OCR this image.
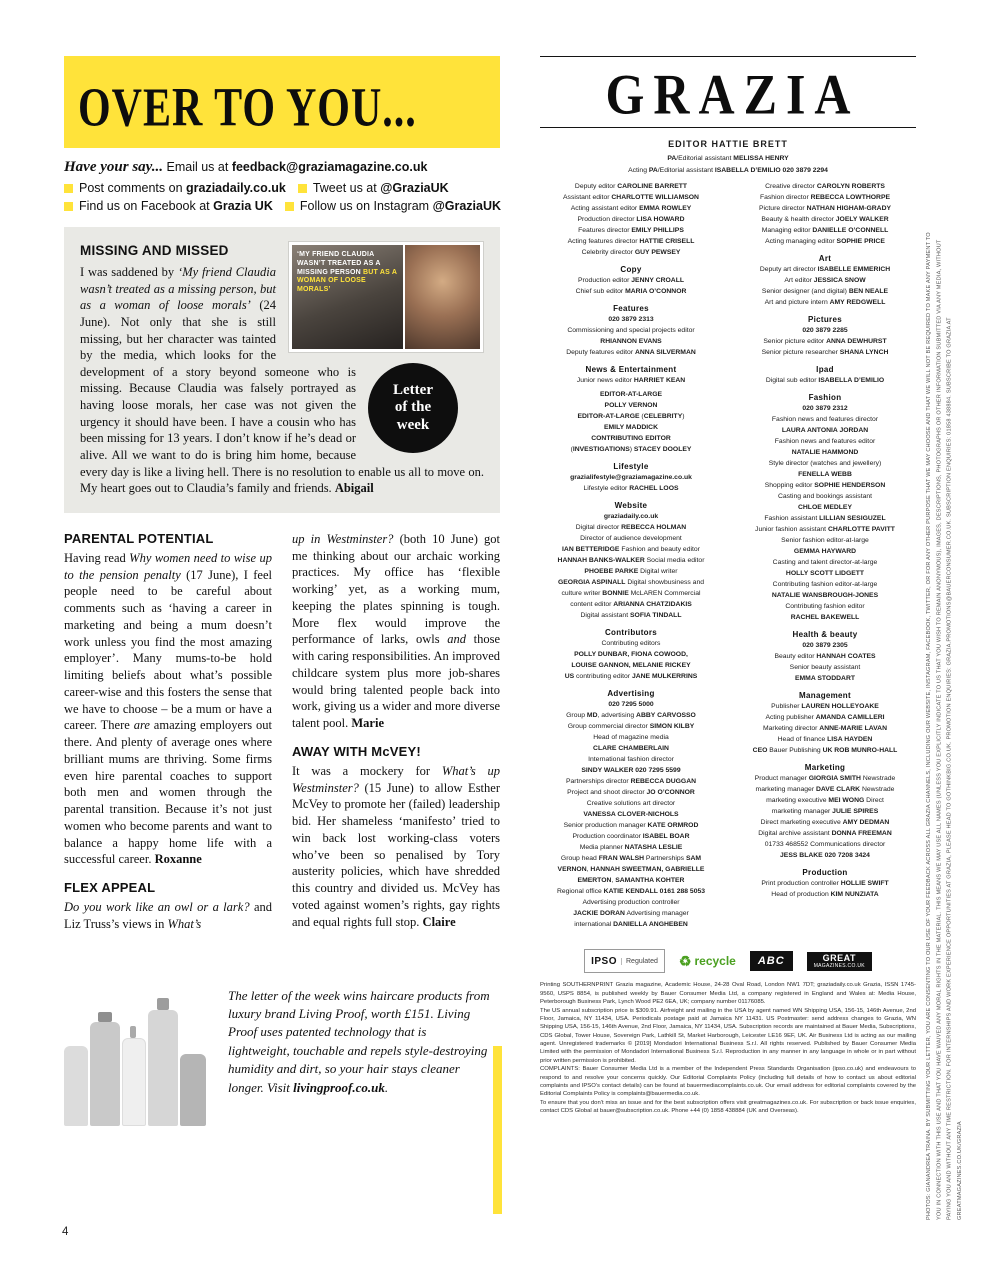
OVER TO YOU...
Have your say... Email us at feedback@graziamagazine.co.uk
Post comments on graziadaily.co.uk Tweet us at @GraziaUK
Find us on Facebook at Grazia UK Follow us on Instagram @GraziaUK
‘MY FRIEND CLAUDIA WASN’T TREATED AS A MISSING PERSON BUT AS A WOMAN OF LOOSE MORALS’
Letter
of the
week
MISSING AND MISSED
I was saddened by ‘My friend Claudia wasn’t treated as a missing person, but as a woman of loose morals’ (24 June). Not only that she is still missing, but her character was tainted by the media, which looks for the development of a story beyond someone who is missing. Because Claudia was falsely portrayed as having loose morals, her case was not given the urgency it should have been. I have a cousin who has been missing for 13 years. I don’t know if he’s dead or alive. All we want to do is bring him home, because every day is like a living hell. There is no resolution to enable us all to move on. My heart goes out to Claudia’s family and friends. Abigail
PARENTAL POTENTIAL
Having read Why women need to wise up to the pension penalty (17 June), I feel people need to be careful about comments such as ‘having a career in marketing and being a mum doesn’t work unless you find the most amazing employer’. Many mums-to-be hold limiting beliefs about what’s possible career-wise and this fosters the sense that we have to choose – be a mum or have a career. There are amazing employers out there. And plenty of average ones where brilliant mums are thriving. Some firms even hire parental coaches to support both men and women through the parental transition. Because it’s not just women who become parents and want to balance a happy home life with a successful career. Roxanne
FLEX APPEAL
Do you work like an owl or a lark? and Liz Truss’s views in What’s
up in Westminster? (both 10 June) got me thinking about our archaic working practices. My office has ‘flexible working’ yet, as a working mum, keeping the plates spinning is tough. More flex would improve the performance of larks, owls and those with caring responsibilities. An improved childcare system plus more job-shares would bring talented people back into work, giving us a wider and more diverse talent pool. Marie
AWAY WITH McVEY!
It was a mockery for What’s up Westminster? (15 June) to allow Esther McVey to promote her (failed) leadership bid. Her shameless ‘manifesto’ tried to win back lost working-class voters who’ve been so penalised by Tory austerity policies, which have shredded this country and divided us. McVey has voted against women’s rights, gay rights and equal rights full stop. Claire
The letter of the week wins haircare products from luxury brand Living Proof, worth £151. Living Proof uses patented technology that is lightweight, touchable and repels style-destroying humidity and dirt, so your hair stays cleaner longer. Visit livingproof.co.uk.
GRAZIA
EDITOR HATTIE BRETT
PA/Editorial assistant MELISSA HENRY
Acting PA/Editorial assistant ISABELLA D’EMILIO 020 3879 2294
Deputy editor CAROLINE BARRETT
Assistant editor CHARLOTTE WILLIAMSON
Acting assistant editor EMMA ROWLEY
Production director LISA HOWARD
Features director EMILY PHILLIPS
Acting features director HATTIE CRISELL
Celebrity director GUY PEWSEY
Copy
Production editor JENNY CROALL
Chief sub editor MARIA O’CONNOR
Features
020 3879 2313
Commissioning and special projects editor
RHIANNON EVANS
Deputy features editor ANNA SILVERMAN
News & Entertainment
Junior news editor HARRIET KEAN
EDITOR-AT-LARGE
POLLY VERNON
EDITOR-AT-LARGE (CELEBRITY)
EMILY MADDICK
CONTRIBUTING EDITOR
(INVESTIGATIONS) STACEY DOOLEY
Lifestyle
grazialifestyle@graziamagazine.co.uk
Lifestyle editor RACHEL LOOS
Website
graziadaily.co.uk
Digital director REBECCA HOLMAN
Director of audience development
IAN BETTERIDGE Fashion and beauty editor
HANNAH BANKS-WALKER Social media editor
PHOEBE PARKE Digital writer
GEORGIA ASPINALL Digital showbusiness and
culture writer BONNIE McLAREN Commercial
content editor ARIANNA CHATZIDAKIS
Digital assistant SOFIA TINDALL
Contributors
Contributing editors
POLLY DUNBAR, FIONA COWOOD,
LOUISE GANNON, MELANIE RICKEY
US contributing editor JANE MULKERRINS
Advertising
020 7295 5000
Group MD, advertising ABBY CARVOSSO
Group commercial director SIMON KILBY
Head of magazine media
CLARE CHAMBERLAIN
International fashion director
SINDY WALKER 020 7295 5599
Partnerships director REBECCA DUGGAN
Project and shoot director JO O’CONNOR
Creative solutions art director
VANESSA CLOVER-NICHOLS
Senior production manager KATE ORMROD
Production coordinator ISABEL BOAR
Media planner NATASHA LESLIE
Group head FRAN WALSH Partnerships SAM
VERNON, HANNAH SWEETMAN, GABRIELLE
EMERTON, SAMANTHA KOHTER
Regional office KATIE KENDALL 0161 288 5053
Advertising production controller
JACKIE DORAN Advertising manager
international DANIELLA ANGHEBEN
Creative director CAROLYN ROBERTS
Fashion director REBECCA LOWTHORPE
Picture director NATHAN HIGHAM-GRADY
Beauty & health director JOELY WALKER
Managing editor DANIELLE O’CONNELL
Acting managing editor SOPHIE PRICE
Art
Deputy art director ISABELLE EMMERICH
Art editor JESSICA SNOW
Senior designer (and digital) BEN NEALE
Art and picture intern AMY REDGWELL
Pictures
020 3879 2285
Senior picture editor ANNA DEWHURST
Senior picture researcher SHANA LYNCH
Ipad
Digital sub editor ISABELLA D’EMILIO
Fashion
020 3879 2312
Fashion news and features director
LAURA ANTONIA JORDAN
Fashion news and features editor
NATALIE HAMMOND
Style director (watches and jewellery)
FENELLA WEBB
Shopping editor SOPHIE HENDERSON
Casting and bookings assistant
CHLOE MEDLEY
Fashion assistant LILLIAN SESIGUZEL
Junior fashion assistant CHARLOTTE PAVITT
Senior fashion editor-at-large
GEMMA HAYWARD
Casting and talent director-at-large
HOLLY SCOTT LIDGETT
Contributing fashion editor-at-large
NATALIE WANSBROUGH-JONES
Contributing fashion editor
RACHEL BAKEWELL
Health & beauty
020 3879 2305
Beauty editor HANNAH COATES
Senior beauty assistant
EMMA STODDART
Management
Publisher LAUREN HOLLEYOAKE
Acting publisher AMANDA CAMILLERI
Marketing director ANNE-MARIE LAVAN
Head of finance LISA HAYDEN
CEO Bauer Publishing UK ROB MUNRO-HALL
Marketing
Product manager GIORGIA SMITH Newstrade
marketing manager DAVE CLARK Newstrade
marketing executive MEI WONG Direct
marketing manager JULIE SPIRES
Direct marketing executive AMY DEDMAN
Digital archive assistant DONNA FREEMAN
01733 468552 Communications director
JESS BLAKE 020 7208 3424
Production
Print production controller HOLLIE SWIFT
Head of production KIM NUNZIATA
IPSO	Regulated ♻ recycle	ABC	GREAT
MAGAZINES.CO.UK
Printing SOUTHERNPRINT Grazia magazine, Academic House, 24-28 Oval Road, London NW1 7DT; graziadaily.co.uk Grazia, ISSN 1745-9560, USPS 8854, is published weekly by Bauer Consumer Media Ltd, a company registered in England and Wales at: Media House, Peterborough Business Park, Lynch Wood PE2 6EA, UK; company number 01176085.
The US annual subscription price is $309.91. Airfreight and mailing in the USA by agent named WN Shipping USA, 156-15, 146th Avenue, 2nd Floor, Jamaica, NY 11434, USA. Periodicals postage paid at Jamaica NY 11431. US Postmaster: send address changes to Grazia, WN Shipping USA, 156-15, 146th Avenue, 2nd Floor, Jamaica, NY 11434, USA. Subscription records are maintained at Bauer Media, Subscriptions, CDS Global, Tower House, Sovereign Park, Lathkill St, Market Harborough, Leicester LE16 9EF, UK. Air Business Ltd is acting as our mailing agent. Unregistered trademarks © [2019] Mondadori International Business S.r.l. All rights reserved. Published by Bauer Consumer Media Limited with the permission of Mondadori International Business S.r.l. Reproduction in any manner in any language in whole or in part without prior written permission is prohibited.
COMPLAINTS: Bauer Consumer Media Ltd is a member of the Independent Press Standards Organisation (ipso.co.uk) and endeavours to respond to and resolve your concerns quickly. Our Editorial Complaints Policy (including full details of how to contact us about editorial complaints and IPSO’s contact details) can be found at bauermediacomplaints.co.uk. Our email address for editorial complaints covered by the Editorial Complaints Policy is complaints@bauermedia.co.uk.
To ensure that you don’t miss an issue and for the best subscription offers visit greatmagazines.co.uk. For subscription or back issue enquiries, contact CDS Global at bauer@subscription.co.uk. Phone +44 (0) 1858 438884 (UK and Overseas).	PHOTOS: GIANANDREA TRAINA. BY SUBMITTING YOUR LETTER, YOU ARE CONSENTING TO OUR USE OF YOUR FEEDBACK ACROSS ALL GRAZIA CHANNELS, INCLUDING OUR WEBSITE, INSTAGRAM, FACEBOOK, TWITTER, OR FOR ANY OTHER PURPOSE THAT WE MAY CHOOSE AND THAT WE WILL NOT BE REQUIRED TO MAKE ANY PAYMENT TO YOU IN CONNECTION WITH THIS USE AND THAT YOU HAVE WAIVED ANY MORAL RIGHTS IN THE MATERIAL. THIS MEANS WE MAY USE ALL NAMES (UNLESS YOU EXPLICITLY INDICATE TO US THAT YOU WISH TO REMAIN ANONYMOUS), IMAGES, DESCRIPTIONS, PHOTOGRAPHS OR OTHER INFORMATION SUBMITTED VIA ANY MEDIA, WITHOUT PAYING YOU AND WITHOUT ANY TIME RESTRICTION. FOR INTERNSHIPS AND WORK EXPERIENCE OPPORTUNITIES AT GRAZIA, PLEASE HEAD TO GOTHINKBIG.CO.UK. PROMOTION ENQUIRIES: GRAZIA.PROMOTIONS@BAUERCONSUMER.CO.UK. SUBSCRIPTION ENQUIRIES: 01858 438884. SUBSCRIBE TO GRAZIA AT GREATMAGAZINES.CO.UK/GRAZIA
4
